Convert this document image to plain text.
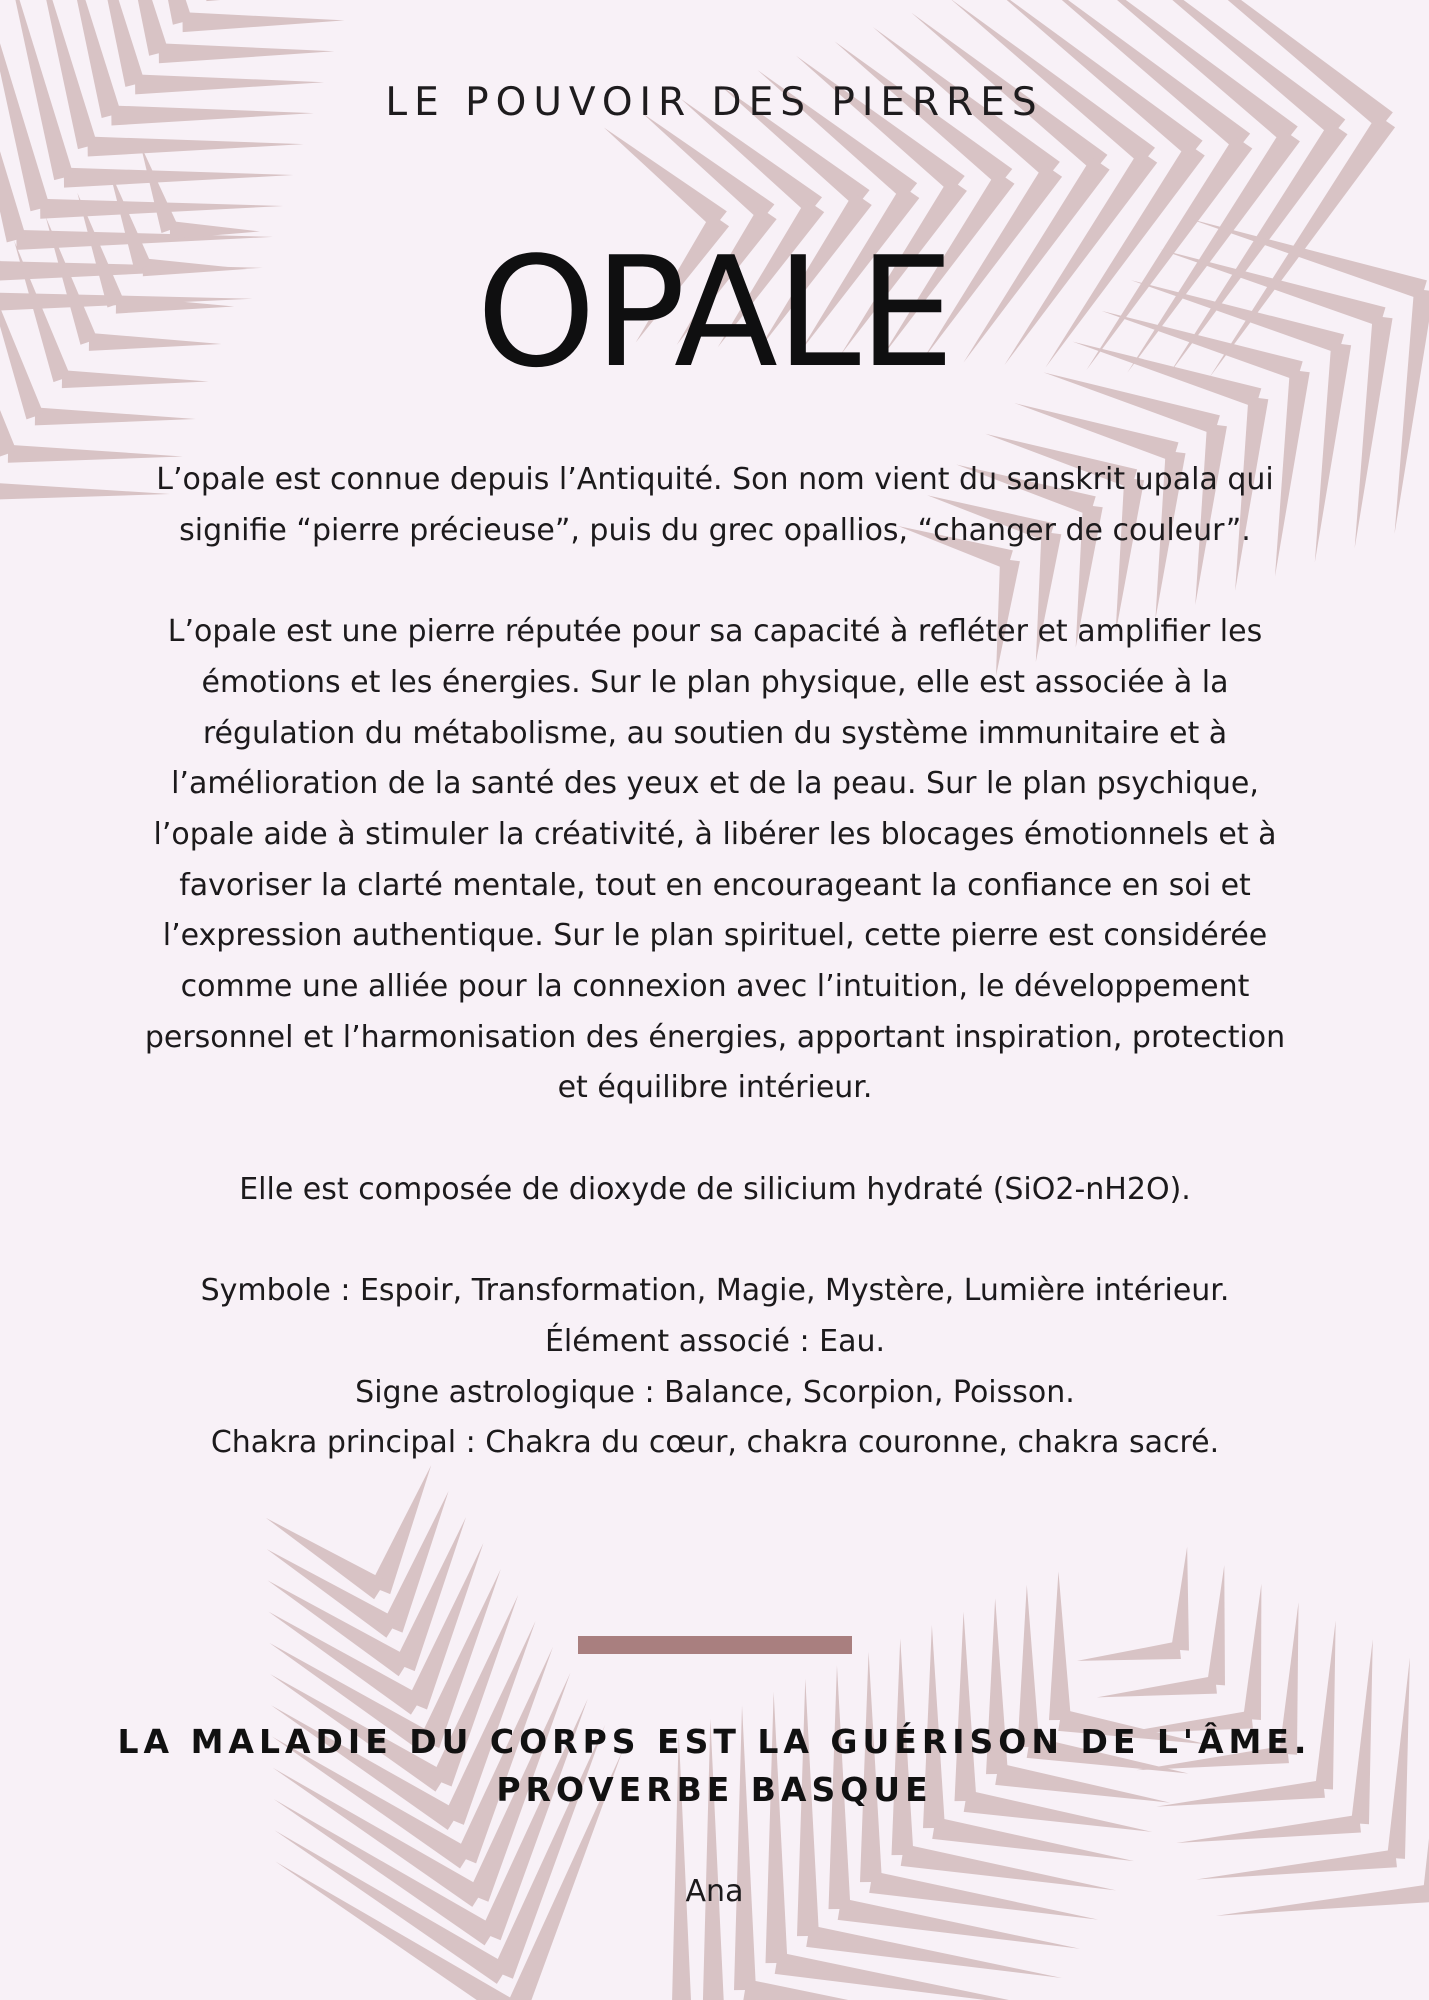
LE POUVOIR DES PIERRES
OPALE

L’opale est connue depuis l’Antiquité. Son nom vient du sanskrit upala qui signifie “pierre précieuse”, puis du grec opallios, “changer de couleur”.

L’opale est une pierre réputée pour sa capacité à refléter et amplifier les émotions et les énergies. Sur le plan physique, elle est associée à la régulation du métabolisme, au soutien du système immunitaire et à l’amélioration de la santé des yeux et de la peau. Sur le plan psychique, l’opale aide à stimuler la créativité, à libérer les blocages émotionnels et à favoriser la clarté mentale, tout en encourageant la confiance en soi et l’expression authentique. Sur le plan spirituel, cette pierre est considérée comme une alliée pour la connexion avec l’intuition, le développement personnel et l’harmonisation des énergies, apportant inspiration, protection et équilibre intérieur.

Elle est composée de dioxyde de silicium hydraté (SiO2-nH2O).

Symbole : Espoir, Transformation, Magie, Mystère, Lumière intérieur.

Élément associé : Eau.

Signe astrologique : Balance, Scorpion, Poisson.

Chakra principal : Chakra du cœur, chakra couronne, chakra sacré.

LA MALADIE DU CORPS EST LA GUÉRISON DE L'ÂME.
PROVERBE BASQUE
Ana
